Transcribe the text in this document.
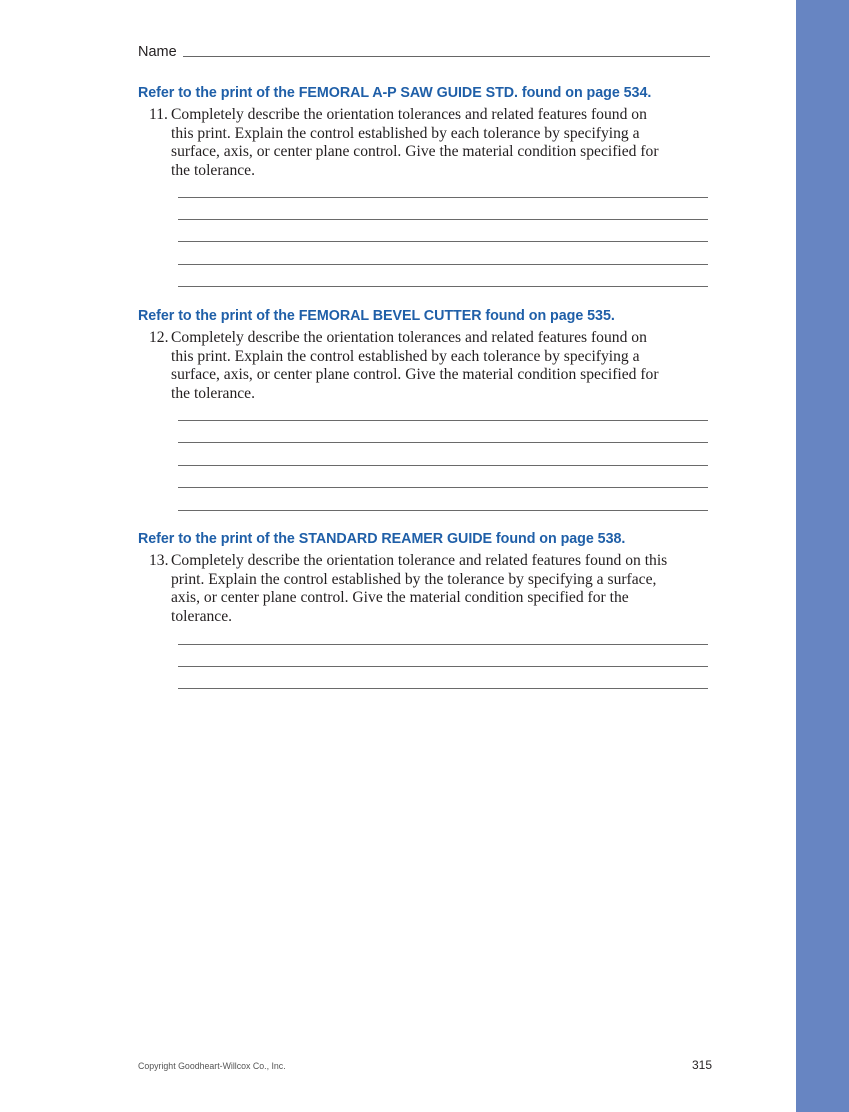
Name
Refer to the print of the FEMORAL A-P SAW GUIDE STD. found on page 534.
11. Completely describe the orientation tolerances and related features found on
this print. Explain the control established by each tolerance by specifying a
surface, axis, or center plane control. Give the material condition specified for
the tolerance.
Refer to the print of the FEMORAL BEVEL CUTTER found on page 535.
12. Completely describe the orientation tolerances and related features found on
this print. Explain the control established by each tolerance by specifying a
surface, axis, or center plane control. Give the material condition specified for
the tolerance.
Refer to the print of the STANDARD REAMER GUIDE found on page 538.
13. Completely describe the orientation tolerance and related features found on this
print. Explain the control established by the tolerance by specifying a surface,
axis, or center plane control. Give the material condition specified for the
tolerance.
Copyright Goodheart-Willcox Co., Inc.	315
